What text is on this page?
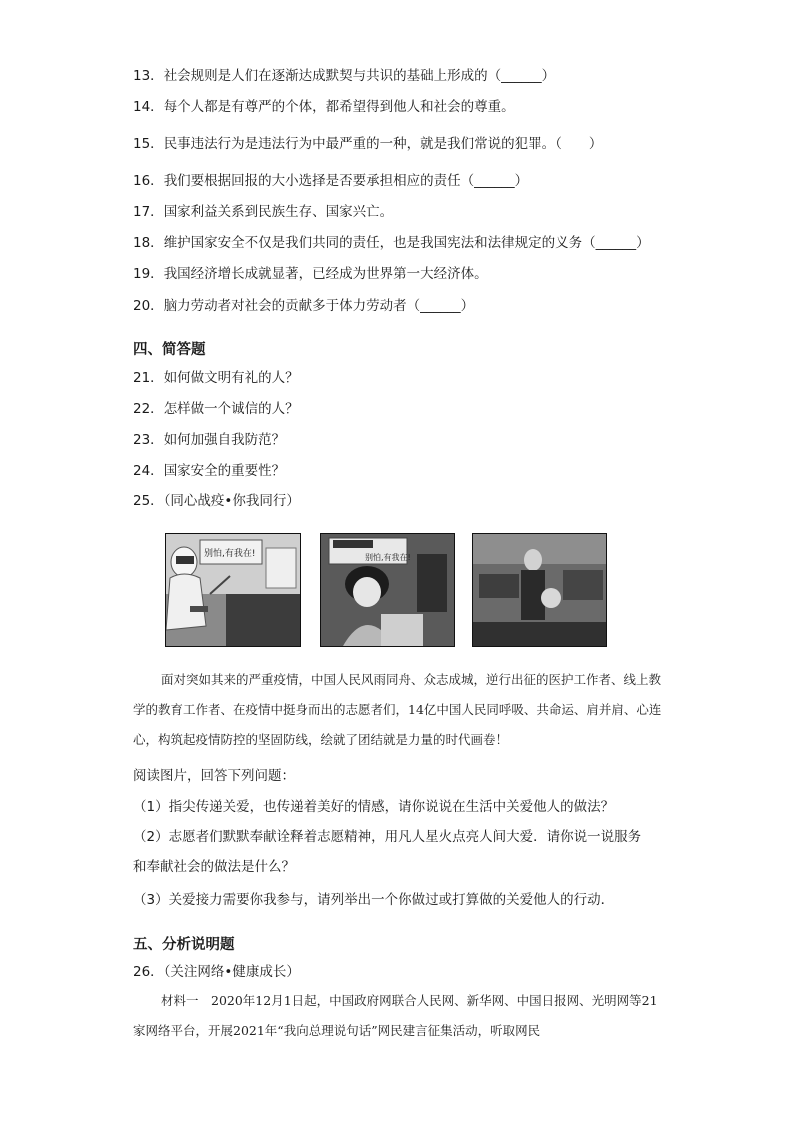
13．社会规则是人们在逐渐达成默契与共识的基础上形成的（______）
14．每个人都是有尊严的个体，都希望得到他人和社会的尊重。
15．民事违法行为是违法行为中最严重的一种，就是我们常说的犯罪。（　　）
16．我们要根据回报的大小选择是否要承担相应的责任（______）
17．国家利益关系到民族生存、国家兴亡。
18．维护国家安全不仅是我们共同的责任，也是我国宪法和法律规定的义务（______）
19．我国经济增长成就显著，已经成为世界第一大经济体。
20．脑力劳动者对社会的贡献多于体力劳动者（______）
四、简答题
21．如何做文明有礼的人？
22．怎样做一个诚信的人？
23．如何加强自我防范？
24．国家安全的重要性？
25．（同心战疫•你我同行）
别怕,有我在!	别怕,有我在!
面对突如其来的严重疫情，中国人民风雨同舟、众志成城，逆行出征的医护工作者、线上教学的教育工作者、在疫情中挺身而出的志愿者们，14亿中国人民同呼吸、共命运、肩并肩、心连心，构筑起疫情防控的坚固防线，绘就了团结就是力量的时代画卷！
阅读图片，回答下列问题：
（1）指尖传递关爱，也传递着美好的情感，请你说说在生活中关爱他人的做法？
（2）志愿者们默默奉献诠释着志愿精神，用凡人星火点亮人间大爱．请你说一说服务
和奉献社会的做法是什么？
（3）关爱接力需要你我参与，请列举出一个你做过或打算做的关爱他人的行动．
五、分析说明题
26．（关注网络•健康成长）
材料一　2020年12月1日起，中国政府网联合人民网、新华网、中国日报网、光明网等21家网络平台，开展2021年“我向总理说句话”网民建言征集活动，听取网民
